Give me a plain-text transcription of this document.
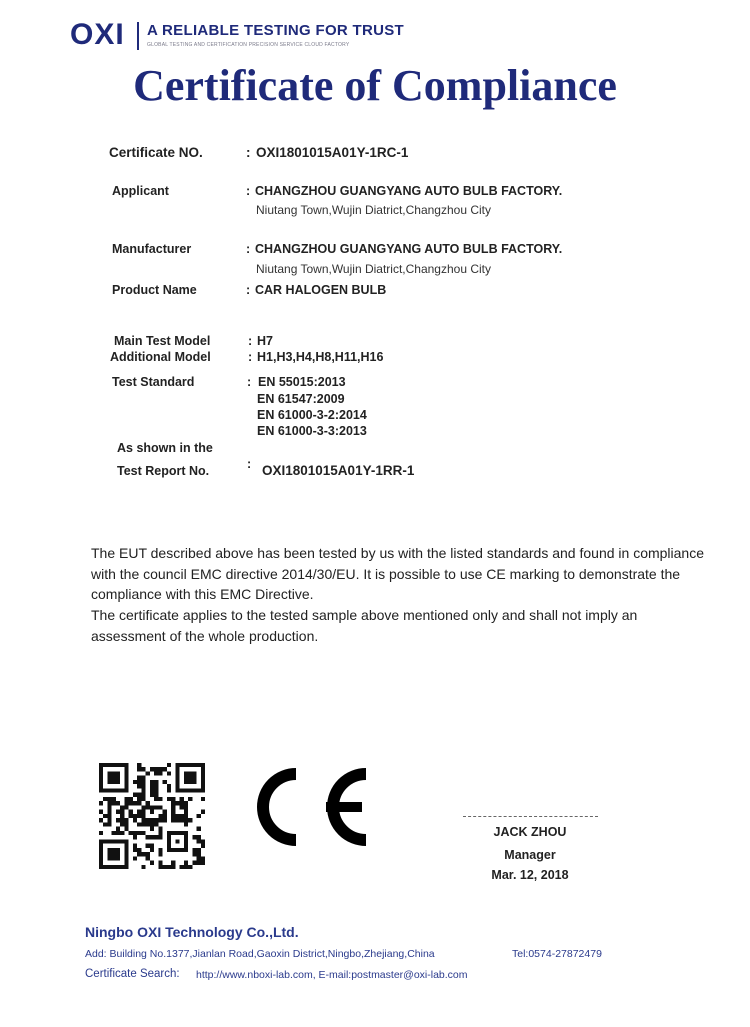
OXI A RELIABLE TESTING FOR TRUST
GLOBAL TESTING AND CERTIFICATION PRECISION SERVICE CLOUD FACTORY
Certificate of Compliance
Certificate NO.	: OXI1801015A01Y-1RC-1
Applicant	: CHANGZHOU GUANGYANG AUTO BULB FACTORY.
Niutang Town,Wujin Diatrict,Changzhou City
Manufacturer	: CHANGZHOU GUANGYANG AUTO BULB FACTORY.
Niutang Town,Wujin Diatrict,Changzhou City
Product Name	: CAR HALOGEN BULB
Main Test Model	: H7
Additional Model	: H1,H3,H4,H8,H11,H16
Test Standard	: EN 55015:2013
EN 61547:2009
EN 61000-3-2:2014
EN 61000-3-3:2013
As shown in the
Test Report No.	: OXI1801015A01Y-1RR-1

The EUT described above has been tested by us with the listed standards and found in compliance with the council EMC directive 2014/30/EU. It is possible to use CE marking to demonstrate the compliance with this EMC Directive.

The certificate applies to the tested sample above mentioned only and shall not imply an assessment of the whole production.

JACK ZHOU
Manager
Mar. 12, 2018
Ningbo OXI Technology Co.,Ltd.
Add: Building No.1377,Jianlan Road,Gaoxin District,Ningbo,Zhejiang,China	Tel:0574-27872479
Certificate Search: http://www.nboxi-lab.com, E-mail:postmaster@oxi-lab.com
